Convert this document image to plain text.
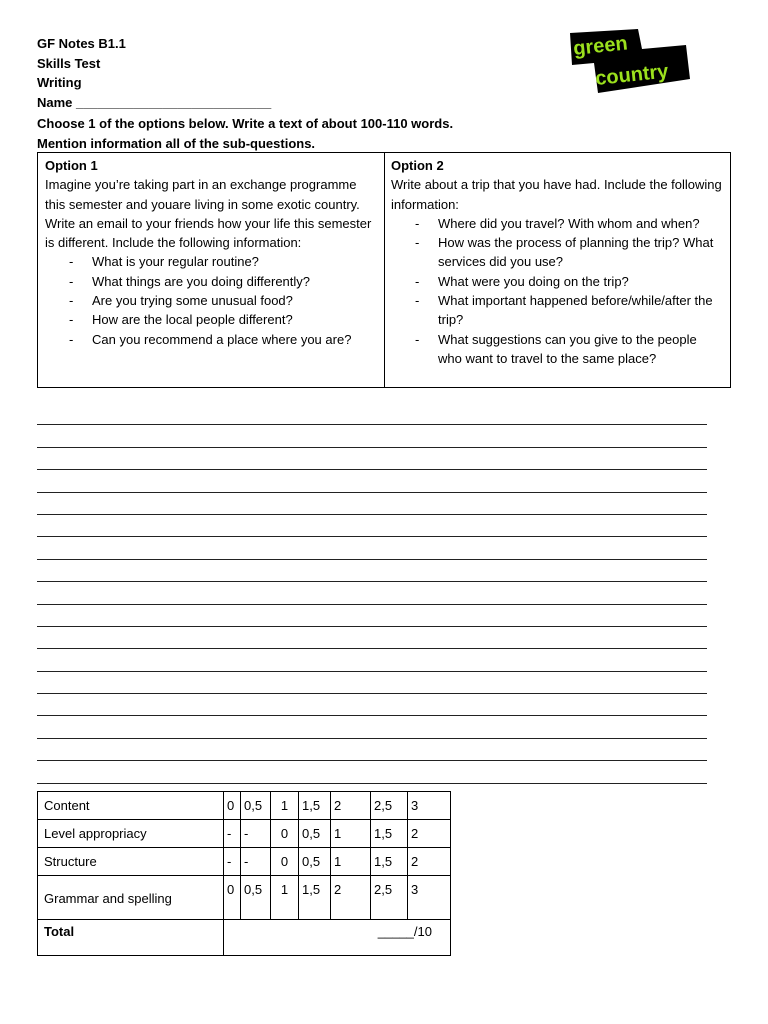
GF Notes B1.1
Skills Test
Writing
Name ___________________________
green
country
Choose 1 of the options below. Write a text of about 100-110 words.
Mention information all of the sub-questions.
Option 1
Imagine you’re taking part in an exchange programme this semester and youare living in some exotic country. Write an email to your friends how your life this semester is different. Include the following information:
- What is your regular routine?
- What things are you doing differently?
- Are you trying some unusual food?
- How are the local people different?
- Can you recommend a place where you are?
Option 2
Write about a trip that you have had. Include the following information:
- Where did you travel? With whom and when?
- How was the process of planning the trip? What services did you use?
- What were you doing on the trip?
- What important happened before/while/after the trip?
- What suggestions can you give to the people who want to travel to the same place?
Content	0	0,5	1	1,5	2	2,5	3
Level appropriacy	-	-	0	0,5	1	1,5	2
Structure	-	-	0	0,5	1	1,5	2
Grammar and spelling	0	0,5	1	1,5	2	2,5	3
Total	_____/10						
